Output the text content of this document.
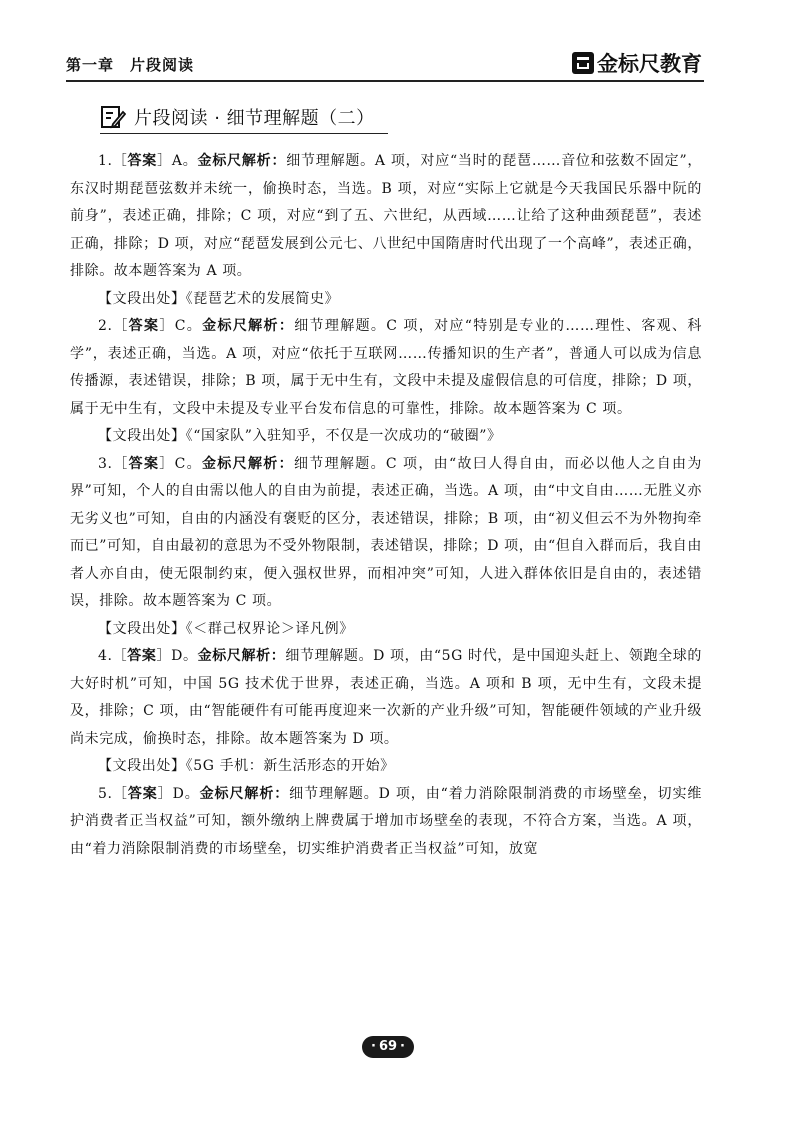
第一章　片段阅读	金标尺教育
片段阅读 · 细节理解题（二）

1.［答案］A。金标尺解析：细节理解题。A 项，对应“当时的琵琶……音位和弦数不固定”，东汉时期琵琶弦数并未统一，偷换时态，当选。B 项，对应“实际上它就是今天我国民乐器中阮的前身”，表述正确，排除；C 项，对应“到了五、六世纪，从西域……让给了这种曲颈琵琶”，表述正确，排除；D 项，对应“琵琶发展到公元七、八世纪中国隋唐时代出现了一个高峰”，表述正确，排除。故本题答案为 A 项。

【文段出处】《琵琶艺术的发展简史》

2.［答案］C。金标尺解析：细节理解题。C 项，对应“特别是专业的……理性、客观、科学”，表述正确，当选。A 项，对应“依托于互联网……传播知识的生产者”，普通人可以成为信息传播源，表述错误，排除；B 项，属于无中生有，文段中未提及虚假信息的可信度，排除；D 项，属于无中生有，文段中未提及专业平台发布信息的可靠性，排除。故本题答案为 C 项。

【文段出处】《“国家队”入驻知乎，不仅是一次成功的“破圈”》

3.［答案］C。金标尺解析：细节理解题。C 项，由“故曰人得自由，而必以他人之自由为界”可知，个人的自由需以他人的自由为前提，表述正确，当选。A 项，由“中文自由……无胜义亦无劣义也”可知，自由的内涵没有褒贬的区分，表述错误，排除；B 项，由“初义但云不为外物拘牵而已”可知，自由最初的意思为不受外物限制，表述错误，排除；D 项，由“但自入群而后，我自由者人亦自由，使无限制约束，便入强权世界，而相冲突”可知，人进入群体依旧是自由的，表述错误，排除。故本题答案为 C 项。

【文段出处】《＜群己权界论＞译凡例》

4.［答案］D。金标尺解析：细节理解题。D 项，由“5G 时代，是中国迎头赶上、领跑全球的大好时机”可知，中国 5G 技术优于世界，表述正确，当选。A 项和 B 项，无中生有，文段未提及，排除；C 项，由“智能硬件有可能再度迎来一次新的产业升级”可知，智能硬件领域的产业升级尚未完成，偷换时态，排除。故本题答案为 D 项。

【文段出处】《5G 手机：新生活形态的开始》

5.［答案］D。金标尺解析：细节理解题。D 项，由“着力消除限制消费的市场壁垒，切实维护消费者正当权益”可知，额外缴纳上牌费属于增加市场壁垒的表现，不符合方案，当选。A 项，由“着力消除限制消费的市场壁垒，切实维护消费者正当权益”可知，放宽

· 69 ·
